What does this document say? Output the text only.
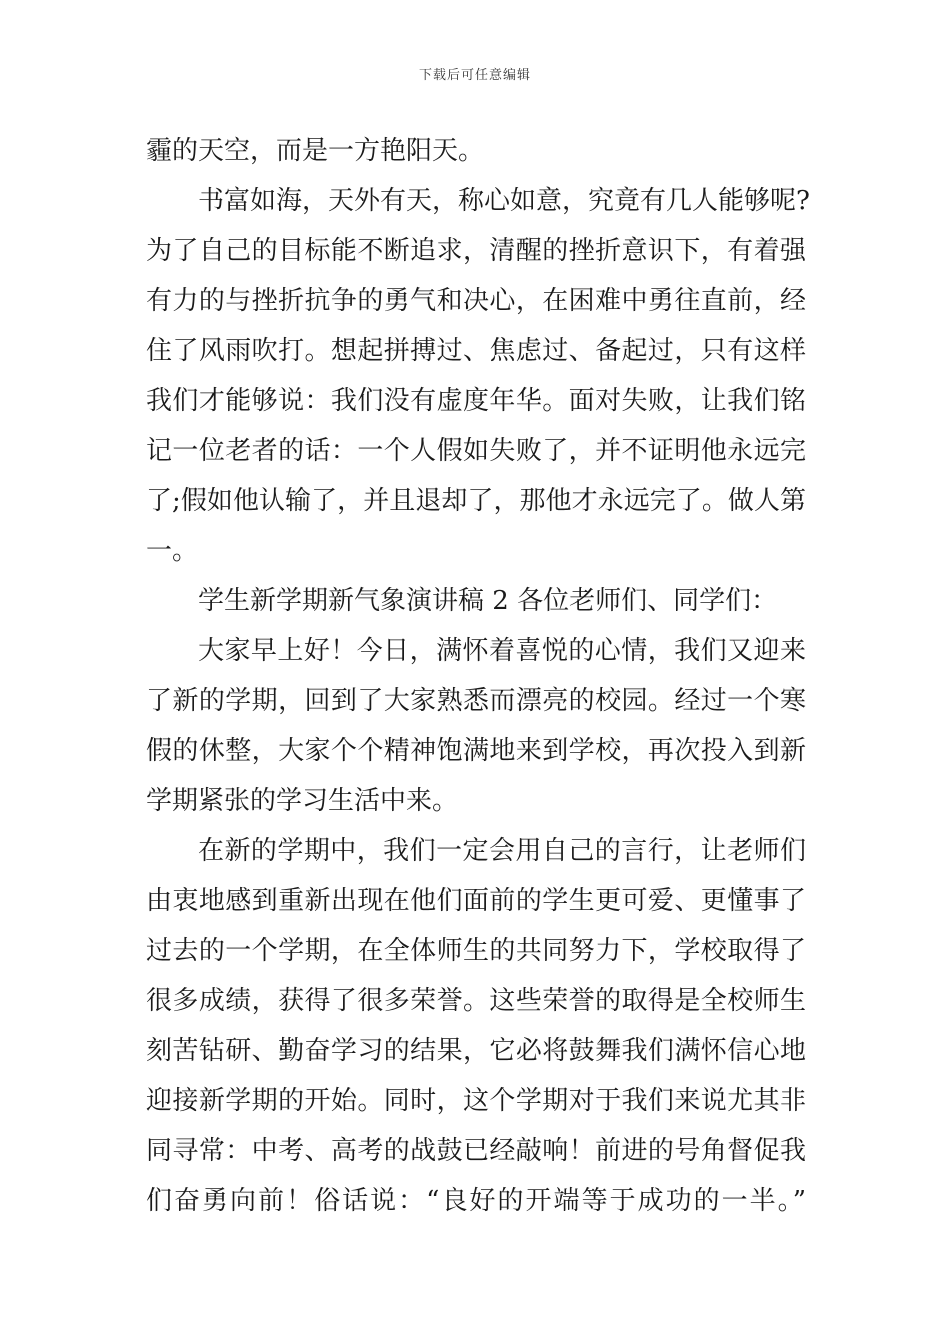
下载后可任意编辑
霾的天空，而是一方艳阳天。
书富如海，天外有天，称心如意，究竟有几人能够呢?
为了自己的目标能不断追求，清醒的挫折意识下，有着强
有力的与挫折抗争的勇气和决心，在困难中勇往直前，经
住了风雨吹打。想起拼搏过、焦虑过、备起过，只有这样
我们才能够说：我们没有虚度年华。面对失败，让我们铭
记一位老者的话：一个人假如失败了，并不证明他永远完
了;假如他认输了，并且退却了，那他才永远完了。做人第
一。
学生新学期新气象演讲稿 2 各位老师们、同学们：
大家早上好！今日，满怀着喜悦的心情，我们又迎来
了新的学期，回到了大家熟悉而漂亮的校园。经过一个寒
假的休整，大家个个精神饱满地来到学校，再次投入到新
学期紧张的学习生活中来。
在新的学期中，我们一定会用自己的言行，让老师们
由衷地感到重新出现在他们面前的学生更可爱、更懂事了
过去的一个学期，在全体师生的共同努力下，学校取得了
很多成绩，获得了很多荣誉。这些荣誉的取得是全校师生
刻苦钻研、勤奋学习的结果，它必将鼓舞我们满怀信心地
迎接新学期的开始。同时，这个学期对于我们来说尤其非
同寻常：中考、高考的战鼓已经敲响！前进的号角督促我
们奋勇向前！俗话说：“良好的开端等于成功的一半。”
